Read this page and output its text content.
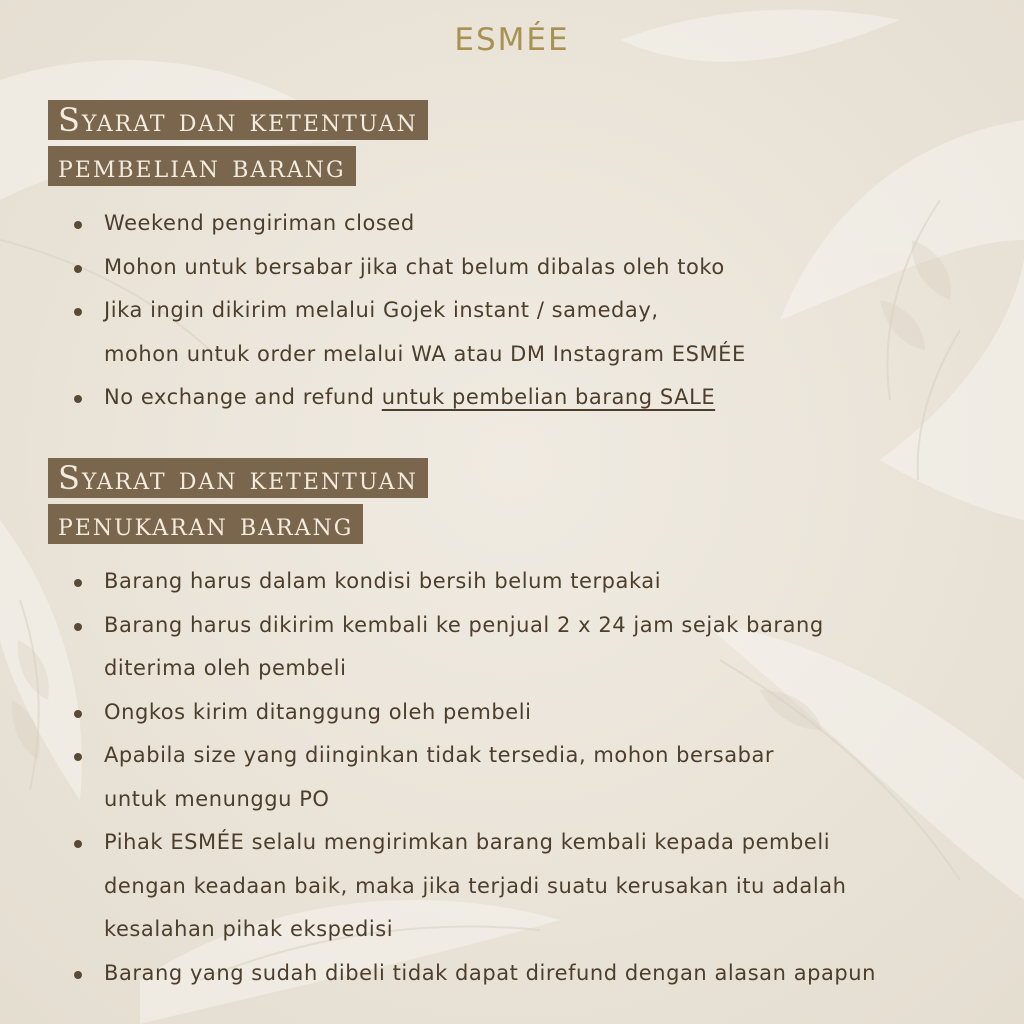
ESMÉE
Syarat dan ketentuan
pembelian barang
Weekend pengiriman closed
Mohon untuk bersabar jika chat belum dibalas oleh toko
Jika ingin dikirim melalui Gojek instant / sameday,
mohon untuk order melalui WA atau DM Instagram ESMÉE
No exchange and refund untuk pembelian barang SALE
Syarat dan ketentuan
penukaran barang
Barang harus dalam kondisi bersih belum terpakai
Barang harus dikirim kembali ke penjual 2 x 24 jam sejak barang
diterima oleh pembeli
Ongkos kirim ditanggung oleh pembeli
Apabila size yang diinginkan tidak tersedia, mohon bersabar
untuk menunggu PO
Pihak ESMÉE selalu mengirimkan barang kembali kepada pembeli
dengan keadaan baik, maka jika terjadi suatu kerusakan itu adalah
kesalahan pihak ekspedisi
Barang yang sudah dibeli tidak dapat direfund dengan alasan apapun
